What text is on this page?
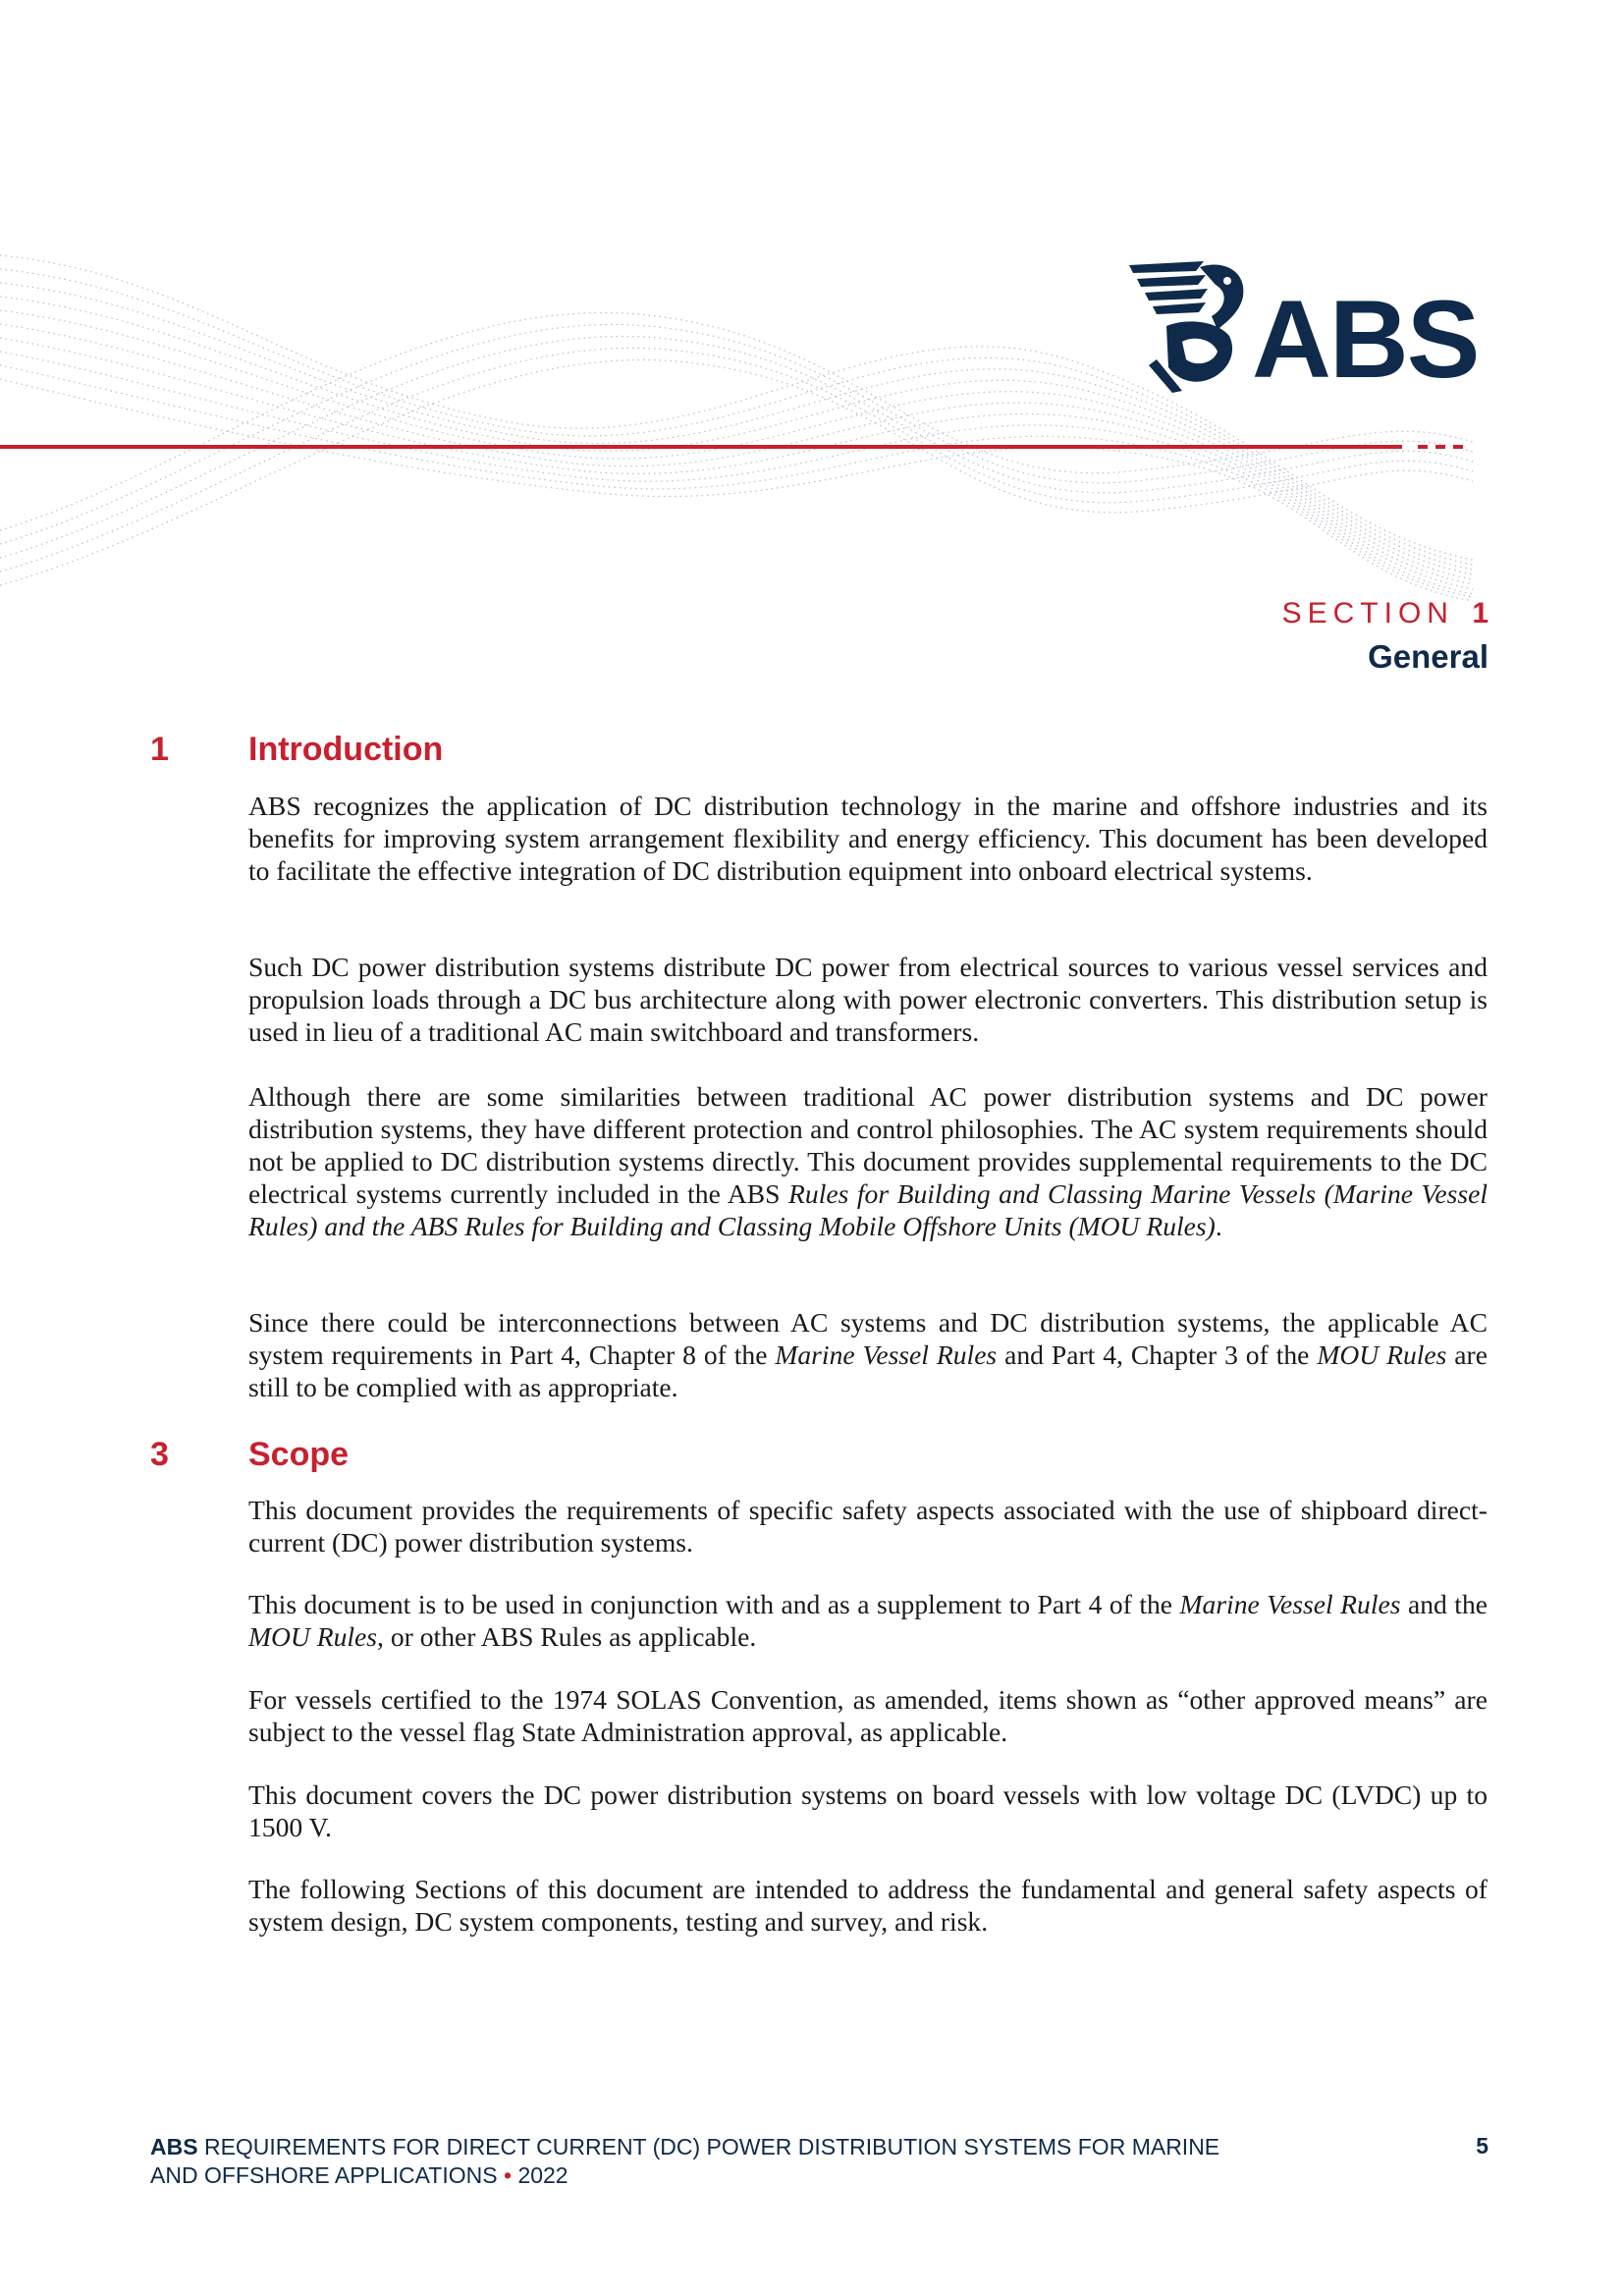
ABS
SECTION 1
General
1 Introduction

ABS recognizes the application of DC distribution technology in the marine and offshore industries and its benefits for improving system arrangement flexibility and energy efficiency. This document has been developed to facilitate the effective integration of DC distribution equipment into onboard electrical systems.

Such DC power distribution systems distribute DC power from electrical sources to various vessel services and propulsion loads through a DC bus architecture along with power electronic converters. This distribution setup is used in lieu of a traditional AC main switchboard and transformers.

Although there are some similarities between traditional AC power distribution systems and DC power distribution systems, they have different protection and control philosophies. The AC system requirements should not be applied to DC distribution systems directly. This document provides supplemental requirements to the DC electrical systems currently included in the ABS Rules for Building and Classing Marine Vessels (Marine Vessel Rules) and the ABS Rules for Building and Classing Mobile Offshore Units (MOU Rules).

Since there could be interconnections between AC systems and DC distribution systems, the applicable AC system requirements in Part 4, Chapter 8 of the Marine Vessel Rules and Part 4, Chapter 3 of the MOU Rules are still to be complied with as appropriate.

3 Scope

This document provides the requirements of specific safety aspects associated with the use of shipboard direct-current (DC) power distribution systems.

This document is to be used in conjunction with and as a supplement to Part 4 of the Marine Vessel Rules and the MOU Rules, or other ABS Rules as applicable.

For vessels certified to the 1974 SOLAS Convention, as amended, items shown as “other approved means” are subject to the vessel flag State Administration approval, as applicable.

This document covers the DC power distribution systems on board vessels with low voltage DC (LVDC) up to 1500 V.

The following Sections of this document are intended to address the fundamental and general safety aspects of system design, DC system components, testing and survey, and risk.

ABS REQUIREMENTS FOR DIRECT CURRENT (DC) POWER DISTRIBUTION SYSTEMS FOR MARINE
AND OFFSHORE APPLICATIONS • 2022
5
